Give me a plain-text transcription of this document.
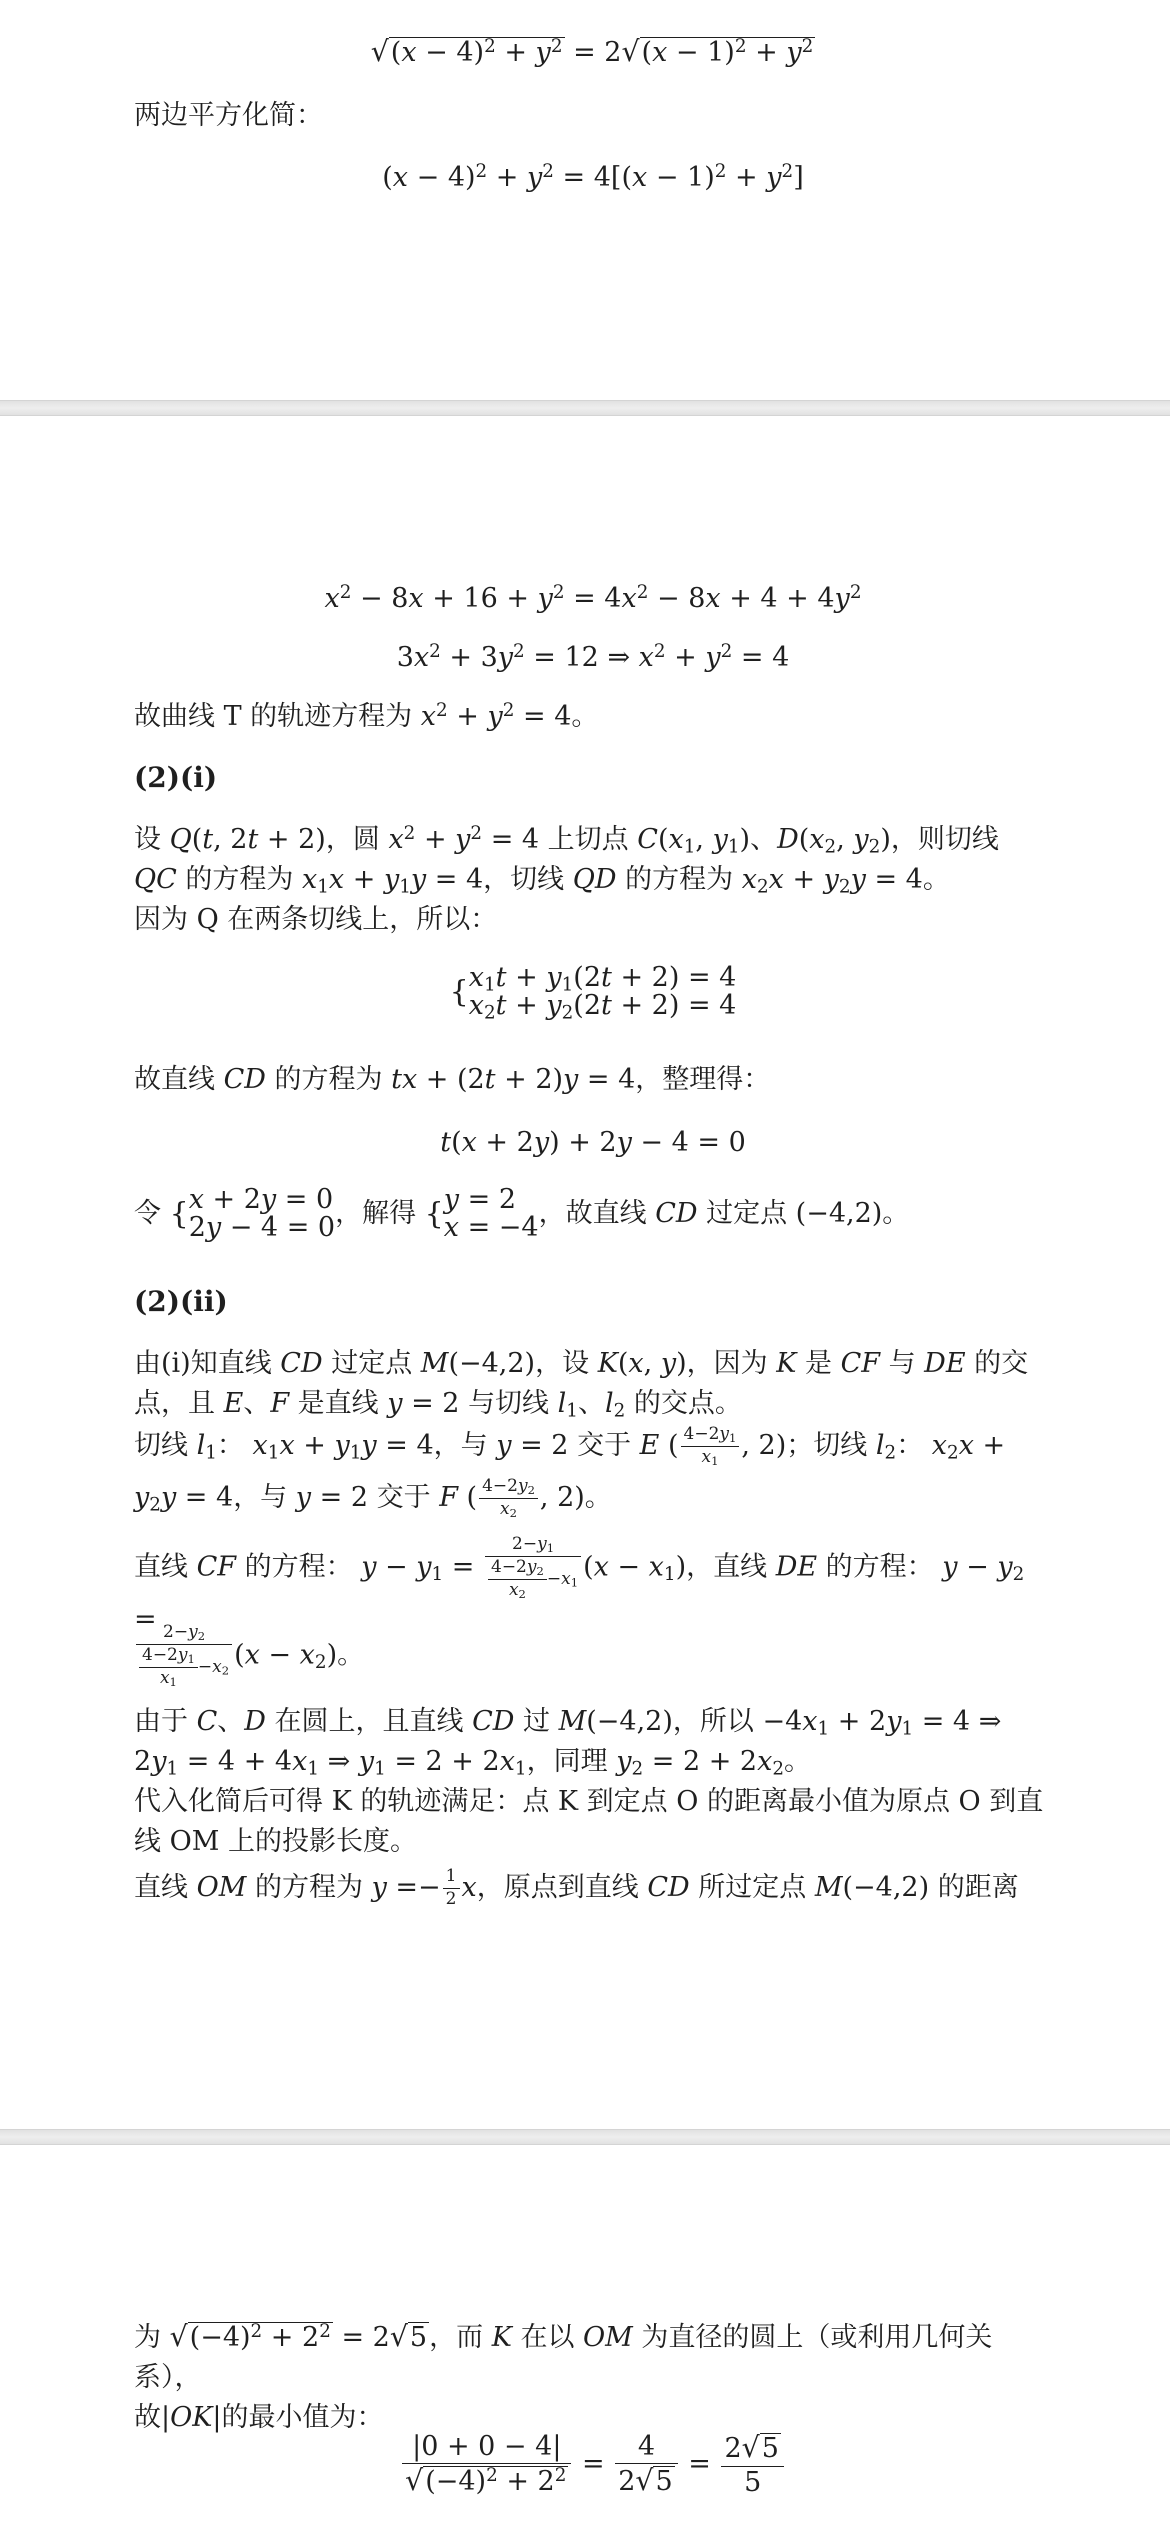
$√(x - 4)^2 + y^2 = 2√(x - 1)^2 + y^2$
两边平方化简：
$(x - 4)^2 + y^2 = 4[(x - 1)^2 + y^2]$
$x^2 - 8x + 16 + y^2 = 4x^2 - 8x + 4 + 4y^2$
$3x^2 + 3y^2 = 12$ ⇒ $x^2 + y^2 = 4$
故曲线 T 的轨迹方程为 $x^2 + y^2 = 4$。
(2)(i)
设 Q(t, 2t + 2)，圆 $x^2 + y^2 = 4$ 上切点 $C(x_1$, $y_1$)、$D(x_2$, $y_2$)，则切线
QC 的方程为 $x_1x + y_1y = 4$，切线 QD 的方程为 $x_2x + y_2y = 4$。
因为 Q 在两条切线上，所以：
{ $x_1t + y_1(2t + 2) = 4$
$x_2t + y_2(2t + 2) = 4$
故直线 CD 的方程为 tx + (2t + 2)y = 4，整理得：
t(x + 2y) + 2y − 4 = 0
令 { x + 2y = 0
2y − 4 = 0 ，解得 { y = 2
x = −4 ，故直线 CD 过定点 (−4,2)。
(2)(ii)
由(i)知直线 CD 过定点 M(−4,2)，设 K(x, y)，因为 K 是 CF 与 DE 的交
点，且 E、F 是直线 y = 2 与切线 $l_1$、$l_2$ 的交点。
切线 $l_1$： $x_1x + y_1y = 4$，与 y = 2 交于 E ( $\frac{4-2y_1}{x_1}$ , 2)；切线 $l_2$： $x_2x$ +
$y_2y = 4$，与 y = 2 交于 F ( $\frac{4-2y_2}{x_2}$ , 2)。
直线 CF 的方程： $y - y_1 = \frac{2-y_1}{\frac{4-2y_2}{x_2} -x_1} (x - x_1)$，直线 DE 的方程： $y - y_2$ =
$\frac{2-y_2}{\frac{4-2y_1}{x_1} -x_2} (x - x_2)$。
由于 C、D 在圆上，且直线 CD 过 M(−4,2)，所以 $-4x_1 + 2y_1 = 4$ ⇒
$2y_1 = 4 + 4x_1$ ⇒ $y_1 = 2 + 2x_1$，同理 $y_2 = 2 + 2x_2$。
代入化简后可得 K 的轨迹满足：点 K 到定点 O 的距离最小值为原点 O 到直
线 OM 上的投影长度。
直线 OM 的方程为 $y =- \frac{1}{2}$ x，原点到直线 CD 所过定点 M(−4,2) 的距离
为 $√(-4)^2 + 2^2 = 2√5$，而 K 在以 OM 为直径的圆上（或利用几何关系），
故|OK|的最小值为：
$\frac{|0 + 0 - 4|}{√(-4)^2 + 2^2} = \frac{4}{2√5} = \frac{2√5}{5}$
